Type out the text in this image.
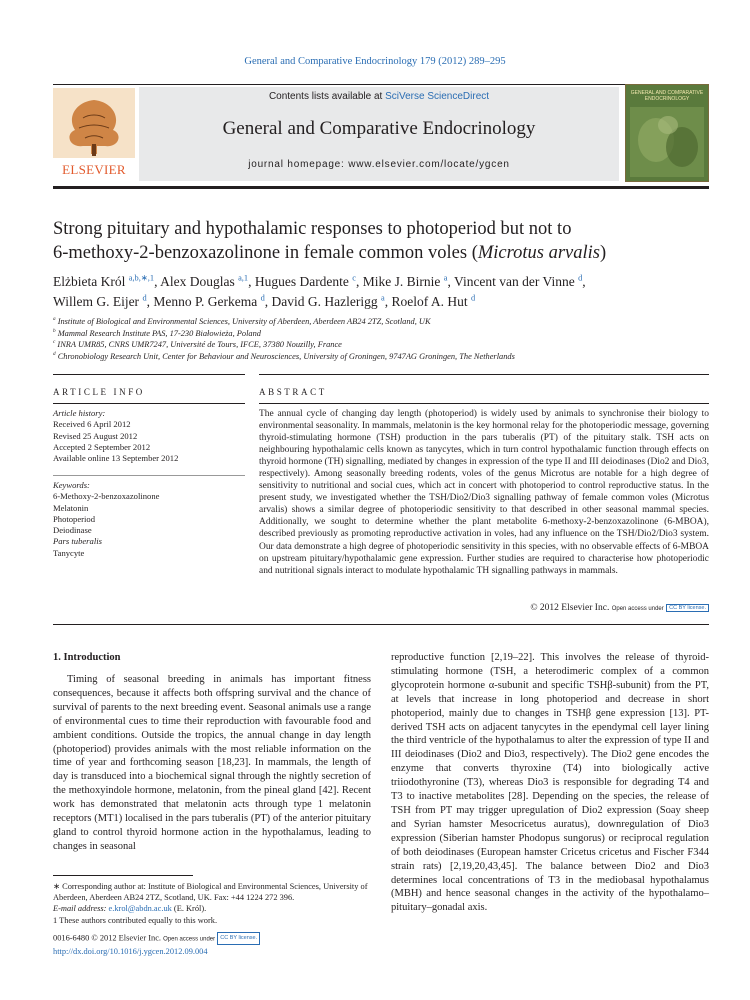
General and Comparative Endocrinology 179 (2012) 289–295
ELSEVIER
Contents lists available at SciVerse ScienceDirect
General and Comparative Endocrinology
journal homepage: www.elsevier.com/locate/ygcen
GENERAL AND COMPARATIVE ENDOCRINOLOGY
Strong pituitary and hypothalamic responses to photoperiod but not to
6-methoxy-2-benzoxazolinone in female common voles (Microtus arvalis)
Elżbieta Król $^{a,b,∗,1}$, Alex Douglas $^{a,1}$, Hugues Dardente $^c$, Mike J. Birnie $^a$, Vincent van der Vinne $^d$,
Willem G. Eijer $^d$, Menno P. Gerkema $^d$, David G. Hazlerigg $^a$, Roelof A. Hut $^d$
$^a$ Institute of Biological and Environmental Sciences, University of Aberdeen, Aberdeen AB24 2TZ, Scotland, UK
$^b$ Mammal Research Institute PAS, 17-230 Białowieża, Poland
$^c$ INRA UMR85, CNRS UMR7247, Université de Tours, IFCE, 37380 Nouzilly, France
$^d$ Chronobiology Research Unit, Center for Behaviour and Neurosciences, University of Groningen, 9747AG Groningen, The Netherlands
ARTICLE INFO
Article history:
Received 6 April 2012
Revised 25 August 2012
Accepted 2 September 2012
Available online 13 September 2012
Keywords:
6-Methoxy-2-benzoxazolinone
Melatonin
Photoperiod
Deiodinase
Pars tuberalis
Tanycyte
ABSTRACT
The annual cycle of changing day length (photoperiod) is widely used by animals to synchronise their biology to environmental seasonality. In mammals, melatonin is the key hormonal relay for the photoperiodic message, governing thyroid-stimulating hormone (TSH) production in the pars tuberalis (PT) of the pituitary stalk. TSH acts on neighbouring hypothalamic cells known as tanycytes, which in turn control hypothalamic function through effects on thyroid hormone (TH) signalling, mediated by changes in expression of the type II and III deiodinases (Dio2 and Dio3, respectively). Among seasonally breeding rodents, voles of the genus Microtus are notable for a high degree of sensitivity to nutritional and social cues, which act in concert with photoperiod to control reproductive status. In the present study, we investigated whether the TSH/Dio2/Dio3 signalling pathway of female common voles (Microtus arvalis) shows a similar degree of photoperiodic sensitivity to that described in other seasonal mammal species. Additionally, we sought to determine whether the plant metabolite 6-methoxy-2-benzoxazolinone (6-MBOA), described previously as promoting reproductive activation in voles, had any influence on the TSH/Dio2/Dio3 system. Our data demonstrate a high degree of photoperiodic sensitivity in this species, with no observable effects of 6-MBOA on upstream pituitary/hypothalamic gene expression. Further studies are required to characterise how photoperiodic and nutritional signals interact to modulate hypothalamic TH signalling pathways in mammals.
© 2012 Elsevier Inc. Open access under CC BY license.
1. Introduction
Timing of seasonal breeding in animals has important fitness consequences, because it affects both offspring survival and the chance of survival of parents to the next breeding event. Seasonal animals use a range of environmental cues to time their reproduction with favourable food and ambient conditions. Outside the tropics, the annual change in day length (photoperiod) provides animals with the most reliable information on the time of year and forthcoming season [18,23]. In mammals, the length of day is transduced into a biochemical signal through the nightly secretion of the methoxyindole hormone, melatonin, from the pineal gland [42]. Recent work has demonstrated that melatonin acts through type 1 melatonin receptors (MT1) localised in the pars tuberalis (PT) of the anterior pituitary gland to control thyroid hormone action in the hypothalamus, leading to changes in seasonal
reproductive function [2,19–22]. This involves the release of thyroid-stimulating hormone (TSH, a heterodimeric complex of a common glycoprotein hormone α-subunit and specific TSHβ-subunit) from the PT, at levels that increase in long photoperiod and decrease in short photoperiod, mainly due to changes in TSHβ gene expression [13]. PT-derived TSH acts on adjacent tanycytes in the ependymal cell layer lining the third ventricle of the hypothalamus to alter the expression of type II and III deiodinases (Dio2 and Dio3, respectively). The Dio2 gene encodes the enzyme that converts thyroxine (T4) into biologically active triiodothyronine (T3), whereas Dio3 is responsible for degrading T4 and T3 to inactive metabolites [28]. Depending on the species, the release of TSH from PT may trigger upregulation of Dio2 expression (Soay sheep and Syrian hamster Mesocricetus auratus), downregulation of Dio3 expression (Siberian hamster Phodopus sungorus) or reciprocal regulation of both deiodinases (European hamster Cricetus cricetus and Fischer F344 strain rats) [2,19,20,43,45]. The balance between Dio2 and Dio3 determines local concentrations of T3 in the mediobasal hypothalamus (MBH) and hence seasonal changes in the activity of the hypothalamo–pituitary–gonadal axis.
∗ Corresponding author at: Institute of Biological and Environmental Sciences, University of Aberdeen, Aberdeen AB24 2TZ, Scotland, UK. Fax: +44 1224 272 396.
E-mail address: e.krol@abdn.ac.uk (E. Król).
1 These authors contributed equally to this work.
0016-6480 © 2012 Elsevier Inc. Open access under CC BY license.
http://dx.doi.org/10.1016/j.ygcen.2012.09.004
